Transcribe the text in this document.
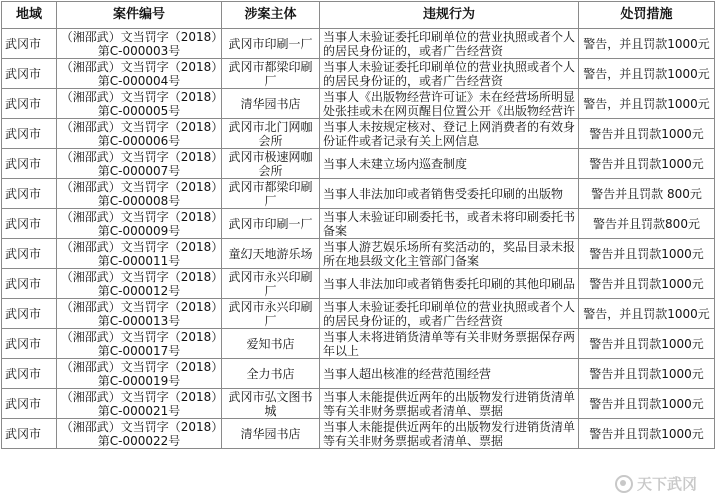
地域	案件编号	涉案主体	违规行为	处罚措施

武冈市	（湘邵武）文当罚字（2018）第C-000003号	武冈市印刷一厂	当事人未验证委托印刷单位的营业执照或者个人的居民身份证的，或者广告经营资	警告，并且罚款1000元

武冈市	（湘邵武）文当罚字（2018）第C-000004号	武冈市都梁印刷厂	当事人未验证委托印刷单位的营业执照或者个人的居民身份证的，或者广告经营资	警告，并且罚款1000元

武冈市	（湘邵武）文当罚字（2018）第C-000005号	清华园书店	当事人《出版物经营许可证》未在经营场所明显处张挂或未在网页醒目位置公开《出版物经营许	警告，并且罚款1000元

武冈市	（湘邵武）文当罚字（2018）第C-000006号	武冈市北门网咖会所	当事人未按规定核对、登记上网消费者的有效身份证件或者记录有关上网信息	警告并且罚款1000元

武冈市	（湘邵武）文当罚字（2018）第C-000007号	武冈市极速网咖会所	当事人未建立场内巡查制度	警告并且罚款1000元

武冈市	（湘邵武）文当罚字（2018）第C-000008号	武冈市都梁印刷厂	当事人非法加印或者销售受委托印刷的出版物	警告并且罚款 800元

武冈市	（湘邵武）文当罚字（2018）第C-000009号	武冈市印刷一厂	当事人未验证印刷委托书，或者未将印刷委托书备案	警告并且罚款800元

武冈市	（湘邵武）文当罚字（2018）第C-000011号	童幻天地游乐场	当事人游艺娱乐场所有奖活动的，奖品目录未报所在地县级文化主管部门备案	警告并且罚款1000元

武冈市	（湘邵武）文当罚字（2018）第C-000012号	武冈市永兴印刷厂	当事人非法加印或者销售委托印刷的其他印刷品	警告并且罚款1000元

武冈市	（湘邵武）文当罚字（2018）第C-000013号	武冈市永兴印刷厂	当事人未验证委托印刷单位的营业执照或者个人的居民身份证的，或者广告经营资	警告，并且罚款1000元

武冈市	（湘邵武）文当罚字（2018）第C-000017号	爱知书店	当事人未将进销货清单等有关非财务票据保存两年以上	警告并且罚款1000元

武冈市	（湘邵武）文当罚字（2018）第C-000019号	全力书店	当事人超出核准的经营范围经营	警告并且罚款1000元

武冈市	（湘邵武）文当罚字（2018）第C-000021号	武冈市弘文图书城	当事人未能提供近两年的出版物发行进销货清单等有关非财务票据或者清单、票据	警告并且罚款1000元

武冈市	（湘邵武）文当罚字（2018）第C-000022号	清华园书店	当事人未能提供近两年的出版物发行进销货清单等有关非财务票据或者清单、票据	警告并且罚款1000元
天下武冈
